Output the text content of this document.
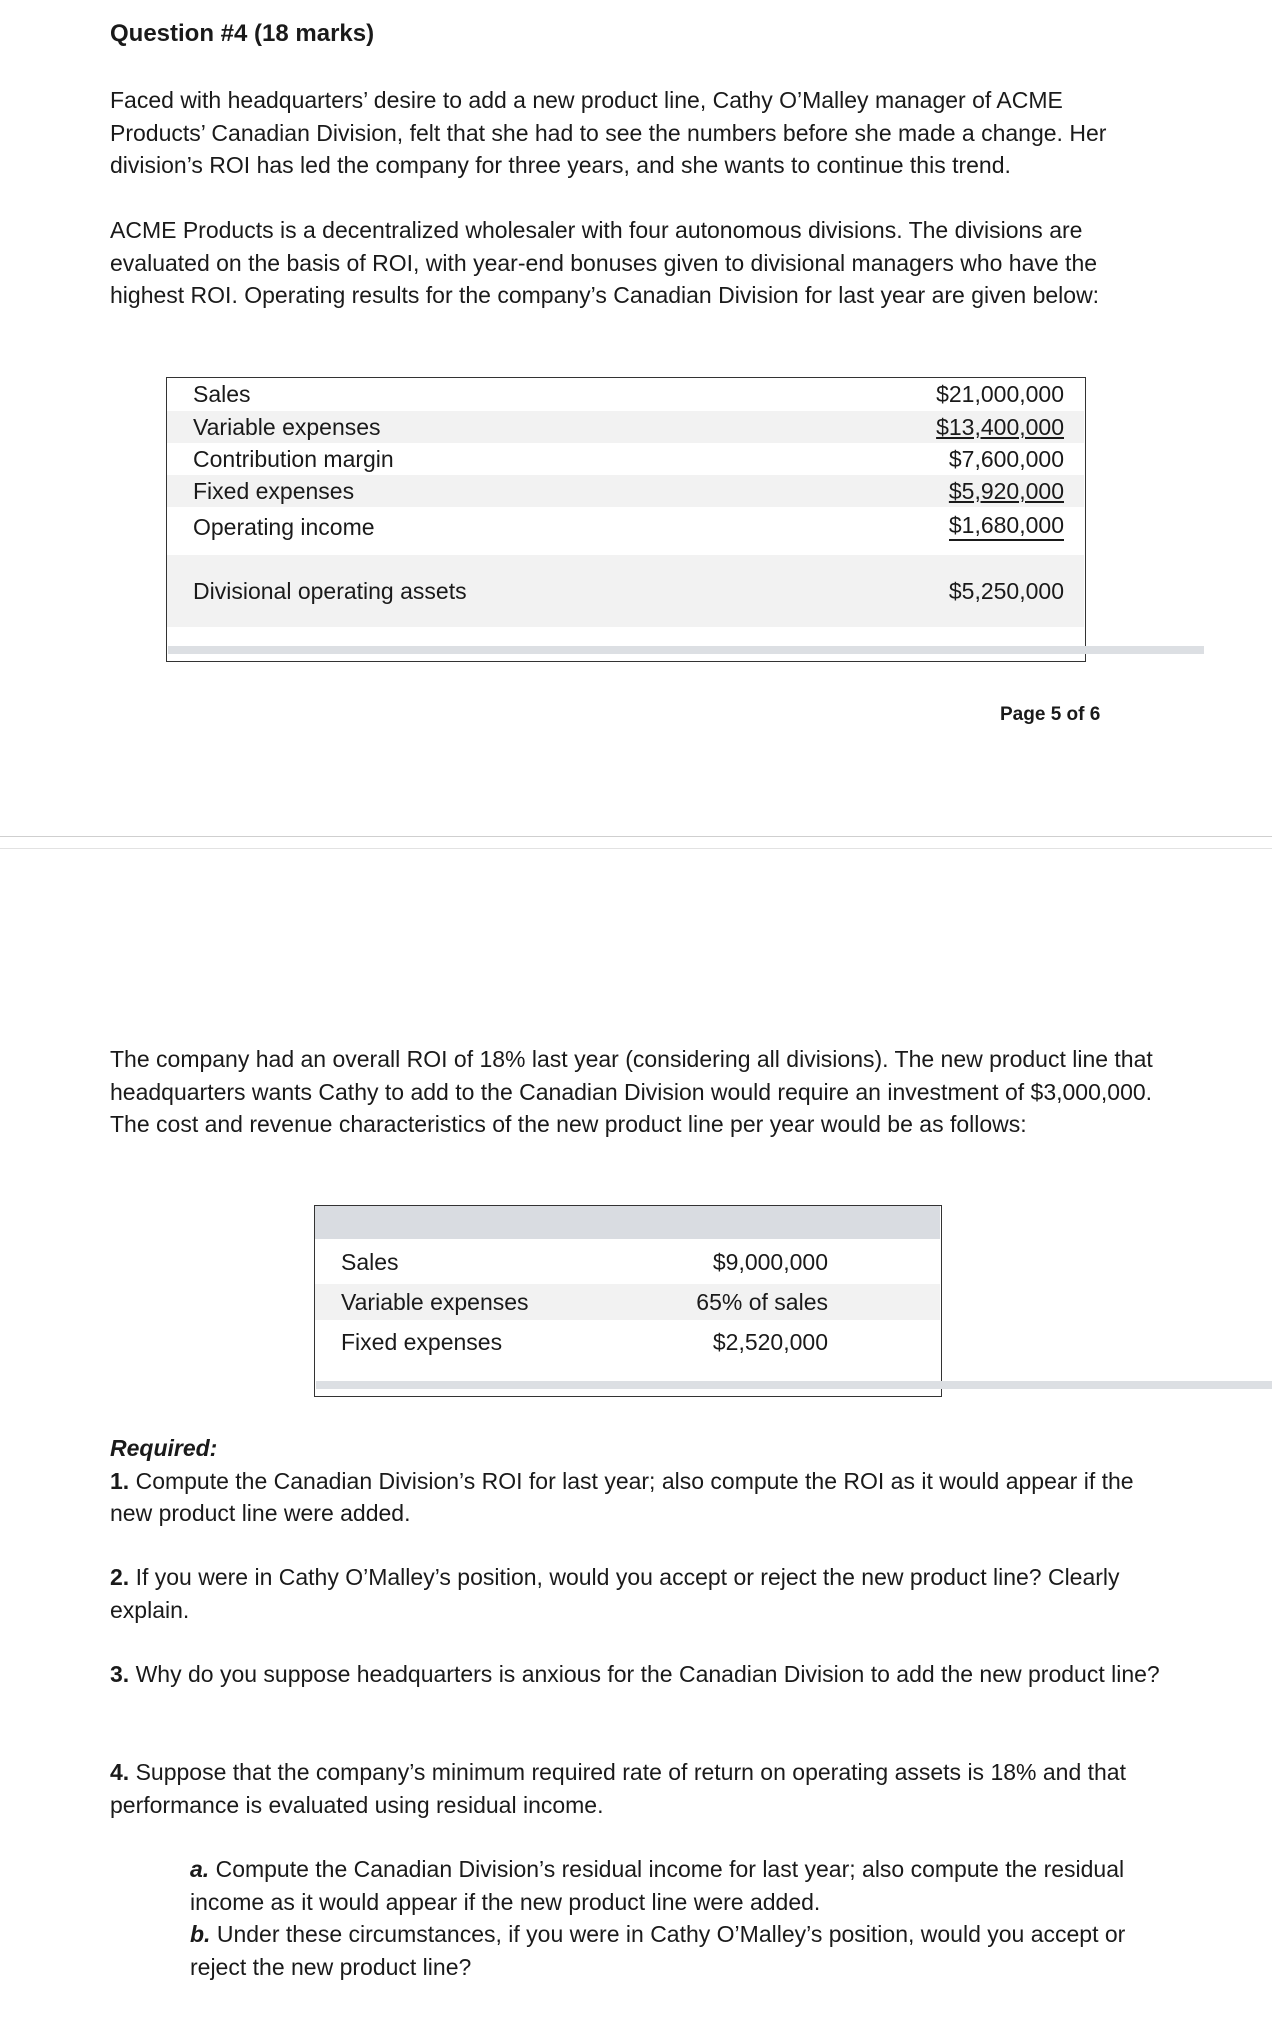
Question #4 (18 marks)

Faced with headquarters’ desire to add a new product line, Cathy O’Malley manager of ACME Products’ Canadian Division, felt that she had to see the numbers before she made a change. Her division’s ROI has led the company for three years, and she wants to continue this trend.

ACME Products is a decentralized wholesaler with four autonomous divisions. The divisions are evaluated on the basis of ROI, with year-end bonuses given to divisional managers who have the highest ROI. Operating results for the company’s Canadian Division for last year are given below:

Sales	$21,000,000
Variable expenses	$13,400,000
Contribution margin	$7,600,000
Fixed expenses	$5,920,000
Operating income	$1,680,000
Divisional operating assets	$5,250,000
Page 5 of 6

The company had an overall ROI of 18% last year (considering all divisions). The new product line that headquarters wants Cathy to add to the Canadian Division would require an investment of $3,000,000. The cost and revenue characteristics of the new product line per year would be as follows:

Sales	$9,000,000
Variable expenses	65% of sales
Fixed expenses	$2,520,000

Required:

1. Compute the Canadian Division’s ROI for last year; also compute the ROI as it would appear if the new product line were added.

2. If you were in Cathy O’Malley’s position, would you accept or reject the new product line? Clearly explain.

3. Why do you suppose headquarters is anxious for the Canadian Division to add the new product line?

4. Suppose that the company’s minimum required rate of return on operating assets is 18% and that performance is evaluated using residual income.

a. Compute the Canadian Division’s residual income for last year; also compute the residual income as it would appear if the new product line were added.

b. Under these circumstances, if you were in Cathy O’Malley’s position, would you accept or reject the new product line?
